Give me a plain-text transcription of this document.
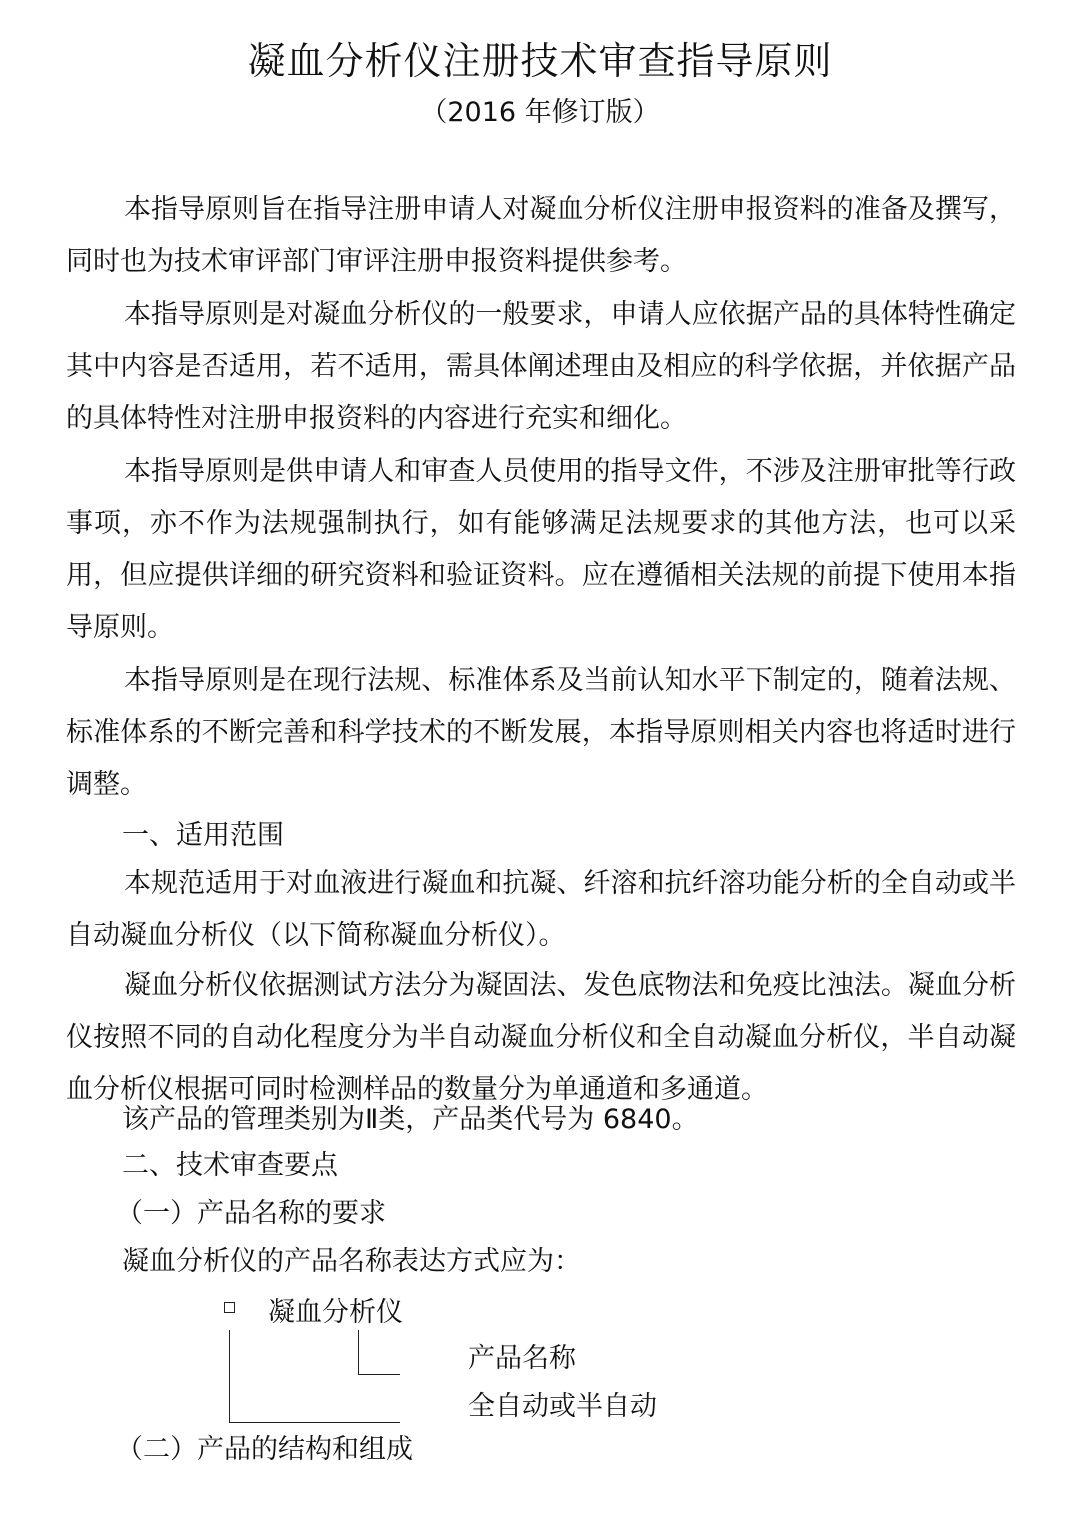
凝血分析仪注册技术审查指导原则
（2016 年修订版）

本指导原则旨在指导注册申请人对凝血分析仪注册申报资料的准备及撰写，同时也为技术审评部门审评注册申报资料提供参考。

本指导原则是对凝血分析仪的一般要求，申请人应依据产品的具体特性确定其中内容是否适用，若不适用，需具体阐述理由及相应的科学依据，并依据产品的具体特性对注册申报资料的内容进行充实和细化。

本指导原则是供申请人和审查人员使用的指导文件，不涉及注册审批等行政事项，亦不作为法规强制执行，如有能够满足法规要求的其他方法，也可以采用，但应提供详细的研究资料和验证资料。应在遵循相关法规的前提下使用本指导原则。

本指导原则是在现行法规、标准体系及当前认知水平下制定的，随着法规、标准体系的不断完善和科学技术的不断发展，本指导原则相关内容也将适时进行调整。

一、适用范围

本规范适用于对血液进行凝血和抗凝、纤溶和抗纤溶功能分析的全自动或半自动凝血分析仪（以下简称凝血分析仪）。

凝血分析仪依据测试方法分为凝固法、发色底物法和免疫比浊法。凝血分析仪按照不同的自动化程度分为半自动凝血分析仪和全自动凝血分析仪，半自动凝血分析仪根据可同时检测样品的数量分为单通道和多通道。

该产品的管理类别为Ⅱ类，产品类代号为 6840。
二、技术审查要点
（一）产品名称的要求
凝血分析仪的产品名称表达方式应为：
凝血分析仪
产品名称
全自动或半自动
（二）产品的结构和组成
